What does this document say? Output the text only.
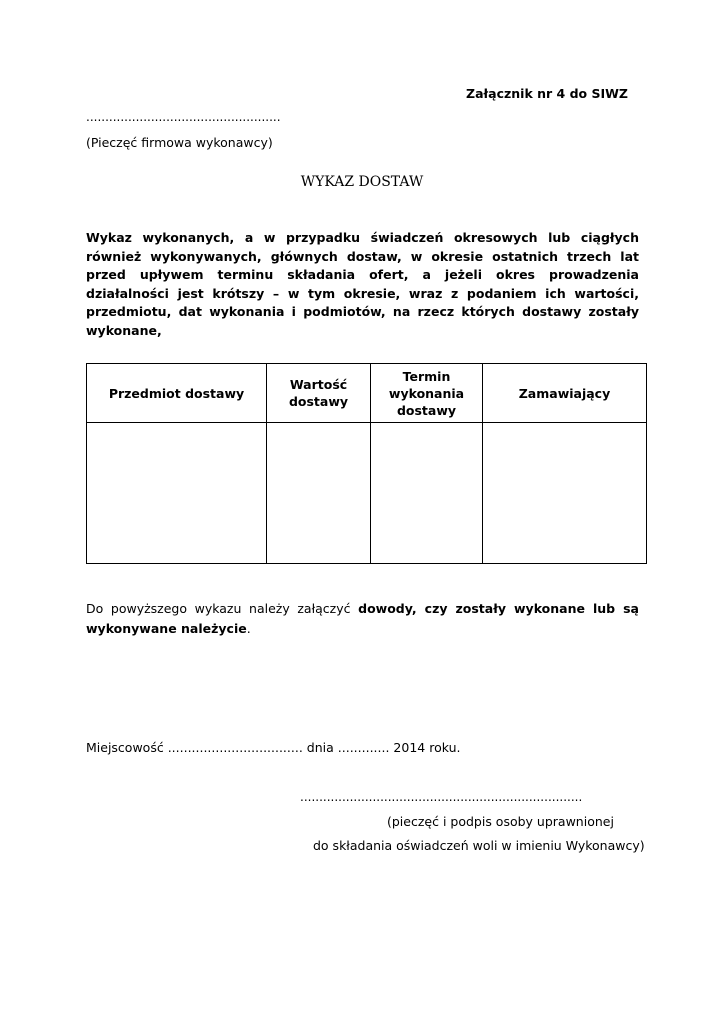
Załącznik nr 4 do SIWZ
...................................................
(Pieczęć firmowa wykonawcy)
WYKAZ DOSTAW
Wykaz wykonanych, a w przypadku świadczeń okresowych lub ciągłych również wykonywanych, głównych dostaw, w okresie ostatnich trzech lat przed upływem terminu składania ofert, a jeżeli okres prowadzenia działalności jest krótszy – w tym okresie, wraz z podaniem ich wartości, przedmiotu, dat wykonania i podmiotów, na rzecz których dostawy zostały wykonane,
Przedmiot dostawy	Wartość dostawy	Termin wykonania dostawy	Zamawiający

Do powyższego wykazu należy załączyć dowody, czy zostały wykonane lub są wykonywane należycie.
Miejscowość .................................. dnia ............. 2014 roku.
..........................................................................
(pieczęć i podpis osoby uprawnionej
do składania oświadczeń woli w imieniu Wykonawcy)
